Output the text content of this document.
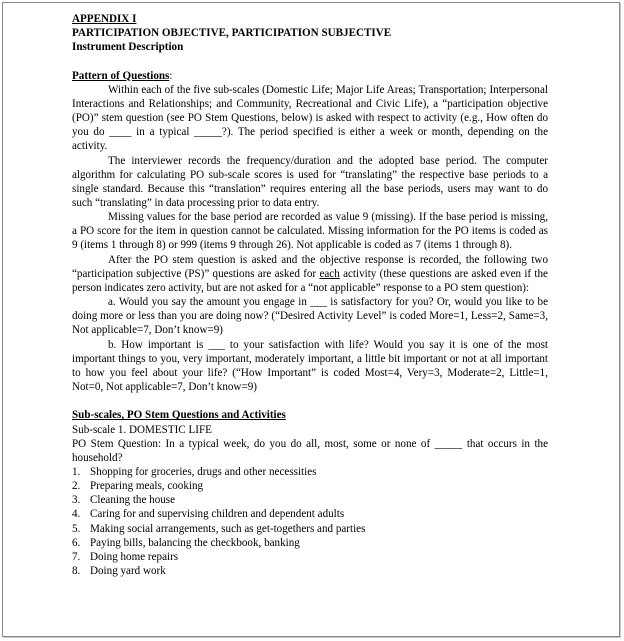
APPENDIX I

PARTICIPATION OBJECTIVE, PARTICIPATION SUBJECTIVE

Instrument Description

Pattern of Questions:

Within each of the five sub-scales (Domestic Life; Major Life Areas; Transportation; Interpersonal Interactions and Relationships; and Community, Recreational and Civic Life), a “participation objective (PO)” stem question (see PO Stem Questions, below) is asked with respect to activity (e.g., How often do you do ____ in a typical _____?). The period specified is either a week or month, depending on the activity.

The interviewer records the frequency/duration and the adopted base period. The computer algorithm for calculating PO sub-scale scores is used for “translating” the respective base periods to a single standard. Because this “translation” requires entering all the base periods, users may want to do such “translating” in data processing prior to data entry.

Missing values for the base period are recorded as value 9 (missing). If the base period is missing, a PO score for the item in question cannot be calculated. Missing information for the PO items is coded as 9 (items 1 through 8) or 999 (items 9 through 26). Not applicable is coded as 7 (items 1 through 8).

After the PO stem question is asked and the objective response is recorded, the following two “participation subjective (PS)” questions are asked for each activity (these questions are asked even if the person indicates zero activity, but are not asked for a “not applicable” response to a PO stem question):

a. Would you say the amount you engage in ___ is satisfactory for you? Or, would you like to be doing more or less than you are doing now? (“Desired Activity Level” is coded More=1, Less=2, Same=3, Not applicable=7, Don’t know=9)

b. How important is ___ to your satisfaction with life? Would you say it is one of the most important things to you, very important, moderately important, a little bit important or not at all important to how you feel about your life? (“How Important” is coded Most=4, Very=3, Moderate=2, Little=1, Not=0, Not applicable=7, Don’t know=9)

Sub-scales, PO Stem Questions and Activities

Sub-scale 1. DOMESTIC LIFE

PO Stem Question: In a typical week, do you do all, most, some or none of _____ that occurs in the household?

1. Shopping for groceries, drugs and other necessities
2. Preparing meals, cooking
3. Cleaning the house
4. Caring for and supervising children and dependent adults
5. Making social arrangements, such as get-togethers and parties
6. Paying bills, balancing the checkbook, banking
7. Doing home repairs
8. Doing yard work
